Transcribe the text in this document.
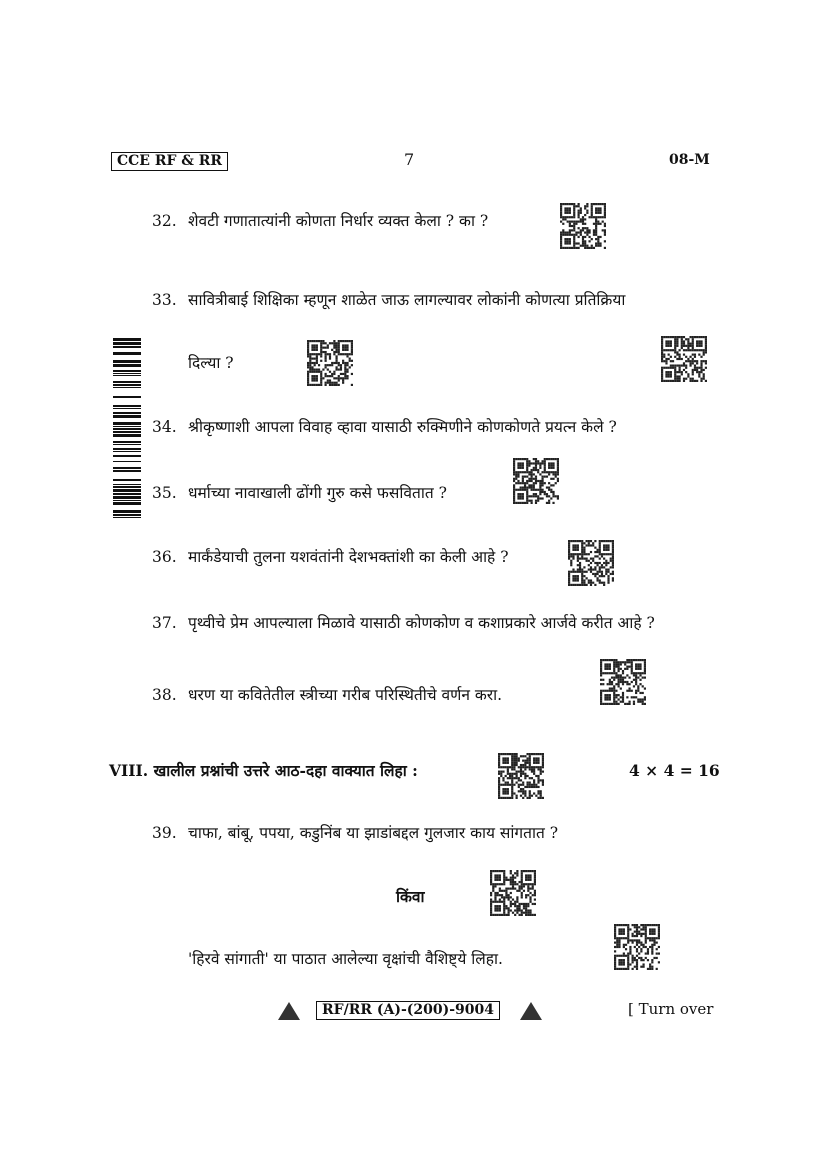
CCE RF & RR	7	08-M
32. शेवटी गणातात्यांनी कोणता निर्धार व्यक्त केला ? का ?
33. सावित्रीबाई शिक्षिका म्हणून शाळेत जाऊ लागल्यावर लोकांनी कोणत्या प्रतिक्रिया
दिल्या ?
34. श्रीकृष्णाशी आपला विवाह व्हावा यासाठी रुक्मिणीने कोणकोणते प्रयत्न केले ?
35. धर्माच्या नावाखाली ढोंगी गुरु कसे फसवितात ?
36. मार्कंडेयाची तुलना यशवंतांनी देशभक्तांशी का केली आहे ?
37. पृथ्वीचे प्रेम आपल्याला मिळावे यासाठी कोणकोण व कशाप्रकारे आर्जवे करीत आहे ?
38. धरण या कवितेतील स्त्रीच्या गरीब परिस्थितीचे वर्णन करा.
VIII. खालील प्रश्नांची उत्तरे आठ-दहा वाक्यात लिहा :	4 × 4 = 16
39. चाफा, बांबू, पपया, कडुनिंब या झाडांबद्दल गुलजार काय सांगतात ?
किंवा
'हिरवे सांगाती' या पाठात आलेल्या वृक्षांची वैशिष्ट्ये लिहा.
RF/RR (A)-(200)-9004	[ Turn over
